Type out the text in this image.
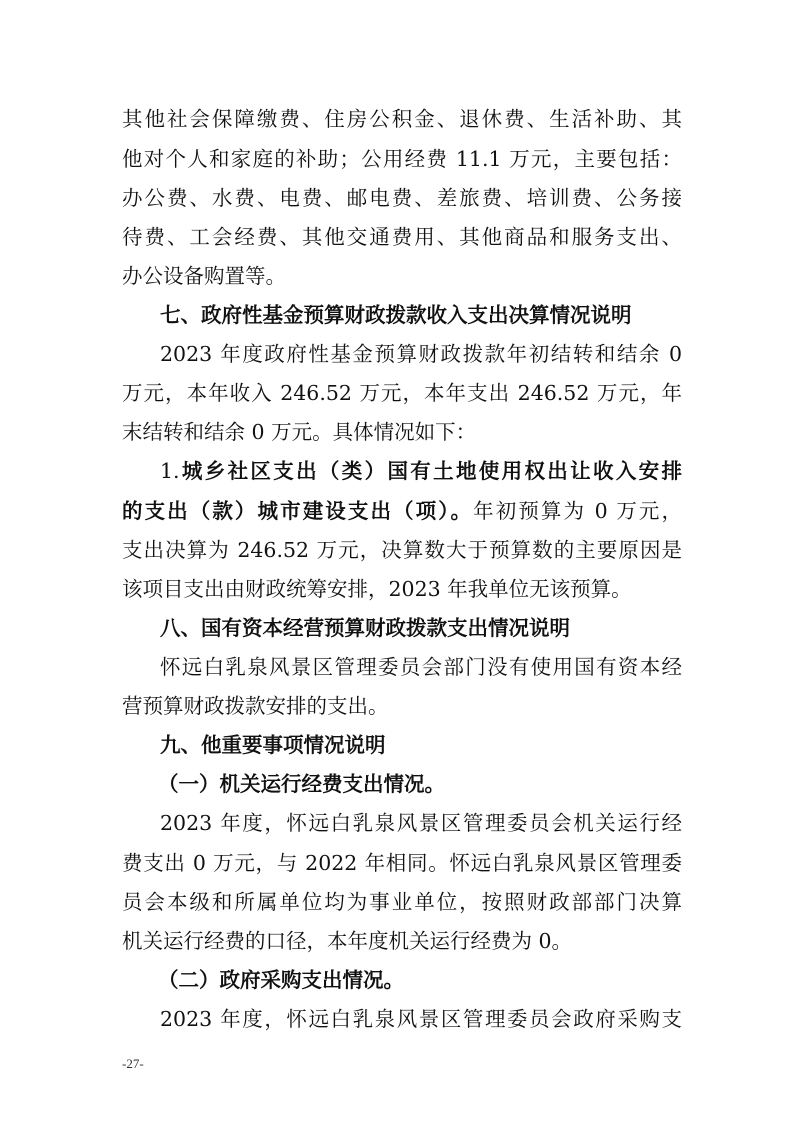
其他社会保障缴费、住房公积金、退休费、生活补助、其
他对个人和家庭的补助；公用经费 11.1 万元，主要包括：
办公费、水费、电费、邮电费、差旅费、培训费、公务接
待费、工会经费、其他交通费用、其他商品和服务支出、
办公设备购置等。
七、政府性基金预算财政拨款收入支出决算情况说明
2023 年度政府性基金预算财政拨款年初结转和结余 0
万元，本年收入 246.52 万元，本年支出 246.52 万元，年
末结转和结余 0 万元。具体情况如下：
1.城乡社区支出（类）国有土地使用权出让收入安排
的支出（款）城市建设支出（项）。年初预算为 0 万元，
支出决算为 246.52 万元，决算数大于预算数的主要原因是
该项目支出由财政统筹安排，2023 年我单位无该预算。
八、国有资本经营预算财政拨款支出情况说明
怀远白乳泉风景区管理委员会部门没有使用国有资本经
营预算财政拨款安排的支出。
九、他重要事项情况说明
（一）机关运行经费支出情况。
2023 年度，怀远白乳泉风景区管理委员会机关运行经
费支出 0 万元，与 2022 年相同。怀远白乳泉风景区管理委
员会本级和所属单位均为事业单位，按照财政部部门决算
机关运行经费的口径，本年度机关运行经费为 0。
（二）政府采购支出情况。
2023 年度，怀远白乳泉风景区管理委员会政府采购支
-27-
